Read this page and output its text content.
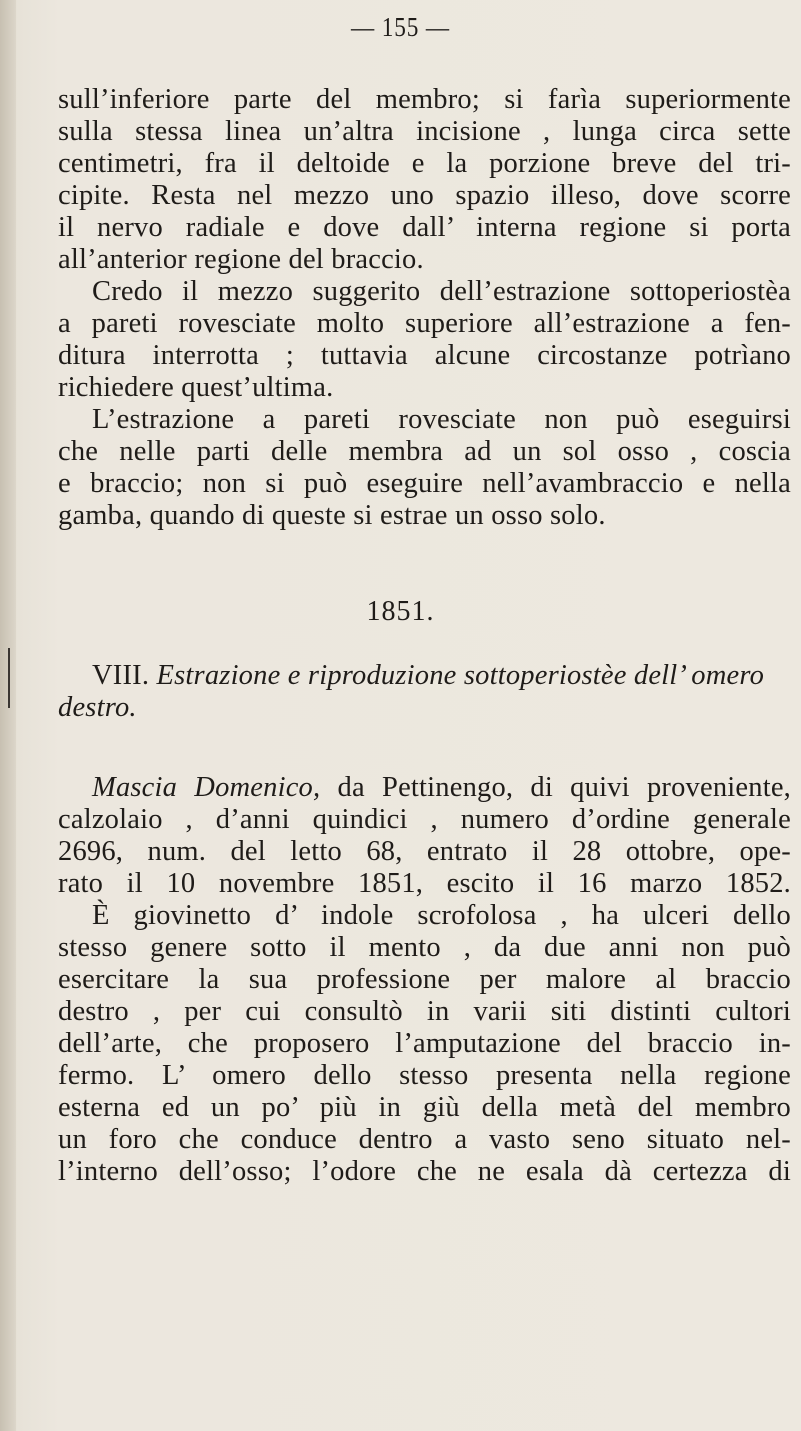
— 155 —
sull’inferiore parte del membro; si farìa superiormente
sulla stessa linea un’altra incisione , lunga circa sette
centimetri, fra il deltoide e la porzione breve del tri-
cipite. Resta nel mezzo uno spazio illeso, dove scorre
il nervo radiale e dove dall’ interna regione si porta
all’anterior regione del braccio.
Credo il mezzo suggerito dell’estrazione sottoperiostèa
a pareti rovesciate molto superiore all’estrazione a fen-
ditura interrotta ; tuttavia alcune circostanze potrìano
richiedere quest’ultima.
L’estrazione a pareti rovesciate non può eseguirsi
che nelle parti delle membra ad un sol osso , coscia
e braccio; non si può eseguire nell’avambraccio e nella
gamba, quando di queste si estrae un osso solo.
1851.
VIII. Estrazione e riproduzione sottoperiostèe dell’ omero
destro.
Mascia Domenico, da Pettinengo, di quivi proveniente,
calzolaio , d’anni quindici , numero d’ordine generale
2696, num. del letto 68, entrato il 28 ottobre, ope-
rato il 10 novembre 1851, escito il 16 marzo 1852.
È giovinetto d’ indole scrofolosa , ha ulceri dello
stesso genere sotto il mento , da due anni non può
esercitare la sua professione per malore al braccio
destro , per cui consultò in varii siti distinti cultori
dell’arte, che proposero l’amputazione del braccio in-
fermo. L’ omero dello stesso presenta nella regione
esterna ed un po’ più in giù della metà del membro
un foro che conduce dentro a vasto seno situato nel-
l’interno dell’osso; l’odore che ne esala dà certezza di
